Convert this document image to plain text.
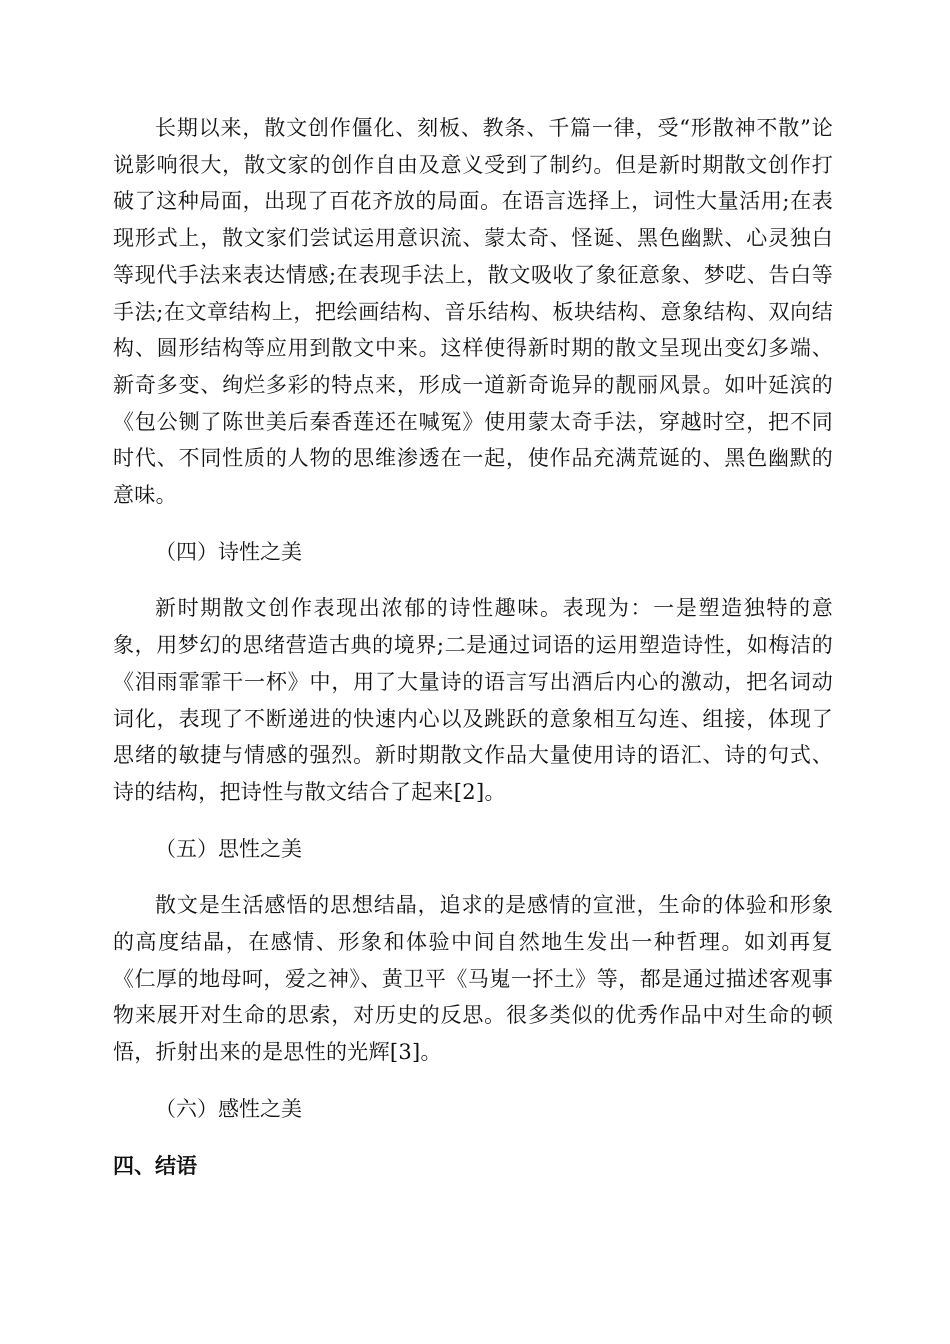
长期以来，散文创作僵化、刻板、教条、千篇一律，受“形散神不散”论说影响很大，散文家的创作自由及意义受到了制约。但是新时期散文创作打破了这种局面，出现了百花齐放的局面。在语言选择上，词性大量活用;在表现形式上，散文家们尝试运用意识流、蒙太奇、怪诞、黑色幽默、心灵独白等现代手法来表达情感;在表现手法上，散文吸收了象征意象、梦呓、告白等手法;在文章结构上，把绘画结构、音乐结构、板块结构、意象结构、双向结构、圆形结构等应用到散文中来。这样使得新时期的散文呈现出变幻多端、新奇多变、绚烂多彩的特点来，形成一道新奇诡异的靓丽风景。如叶延滨的《包公铡了陈世美后秦香莲还在喊冤》使用蒙太奇手法，穿越时空，把不同时代、不同性质的人物的思维渗透在一起，使作品充满荒诞的、黑色幽默的意味。

（四）诗性之美

新时期散文创作表现出浓郁的诗性趣味。表现为：一是塑造独特的意象，用梦幻的思绪营造古典的境界;二是通过词语的运用塑造诗性，如梅洁的《泪雨霏霏干一杯》中，用了大量诗的语言写出酒后内心的激动，把名词动词化，表现了不断递进的快速内心以及跳跃的意象相互勾连、组接，体现了思绪的敏捷与情感的强烈。新时期散文作品大量使用诗的语汇、诗的句式、诗的结构，把诗性与散文结合了起来[2]。

（五）思性之美

散文是生活感悟的思想结晶，追求的是感情的宣泄，生命的体验和形象的高度结晶，在感情、形象和体验中间自然地生发出一种哲理。如刘再复《仁厚的地母呵，爱之神》、黄卫平《马嵬一抔土》等，都是通过描述客观事物来展开对生命的思索，对历史的反思。很多类似的优秀作品中对生命的顿悟，折射出来的是思性的光辉[3]。

（六）感性之美

四、结语
